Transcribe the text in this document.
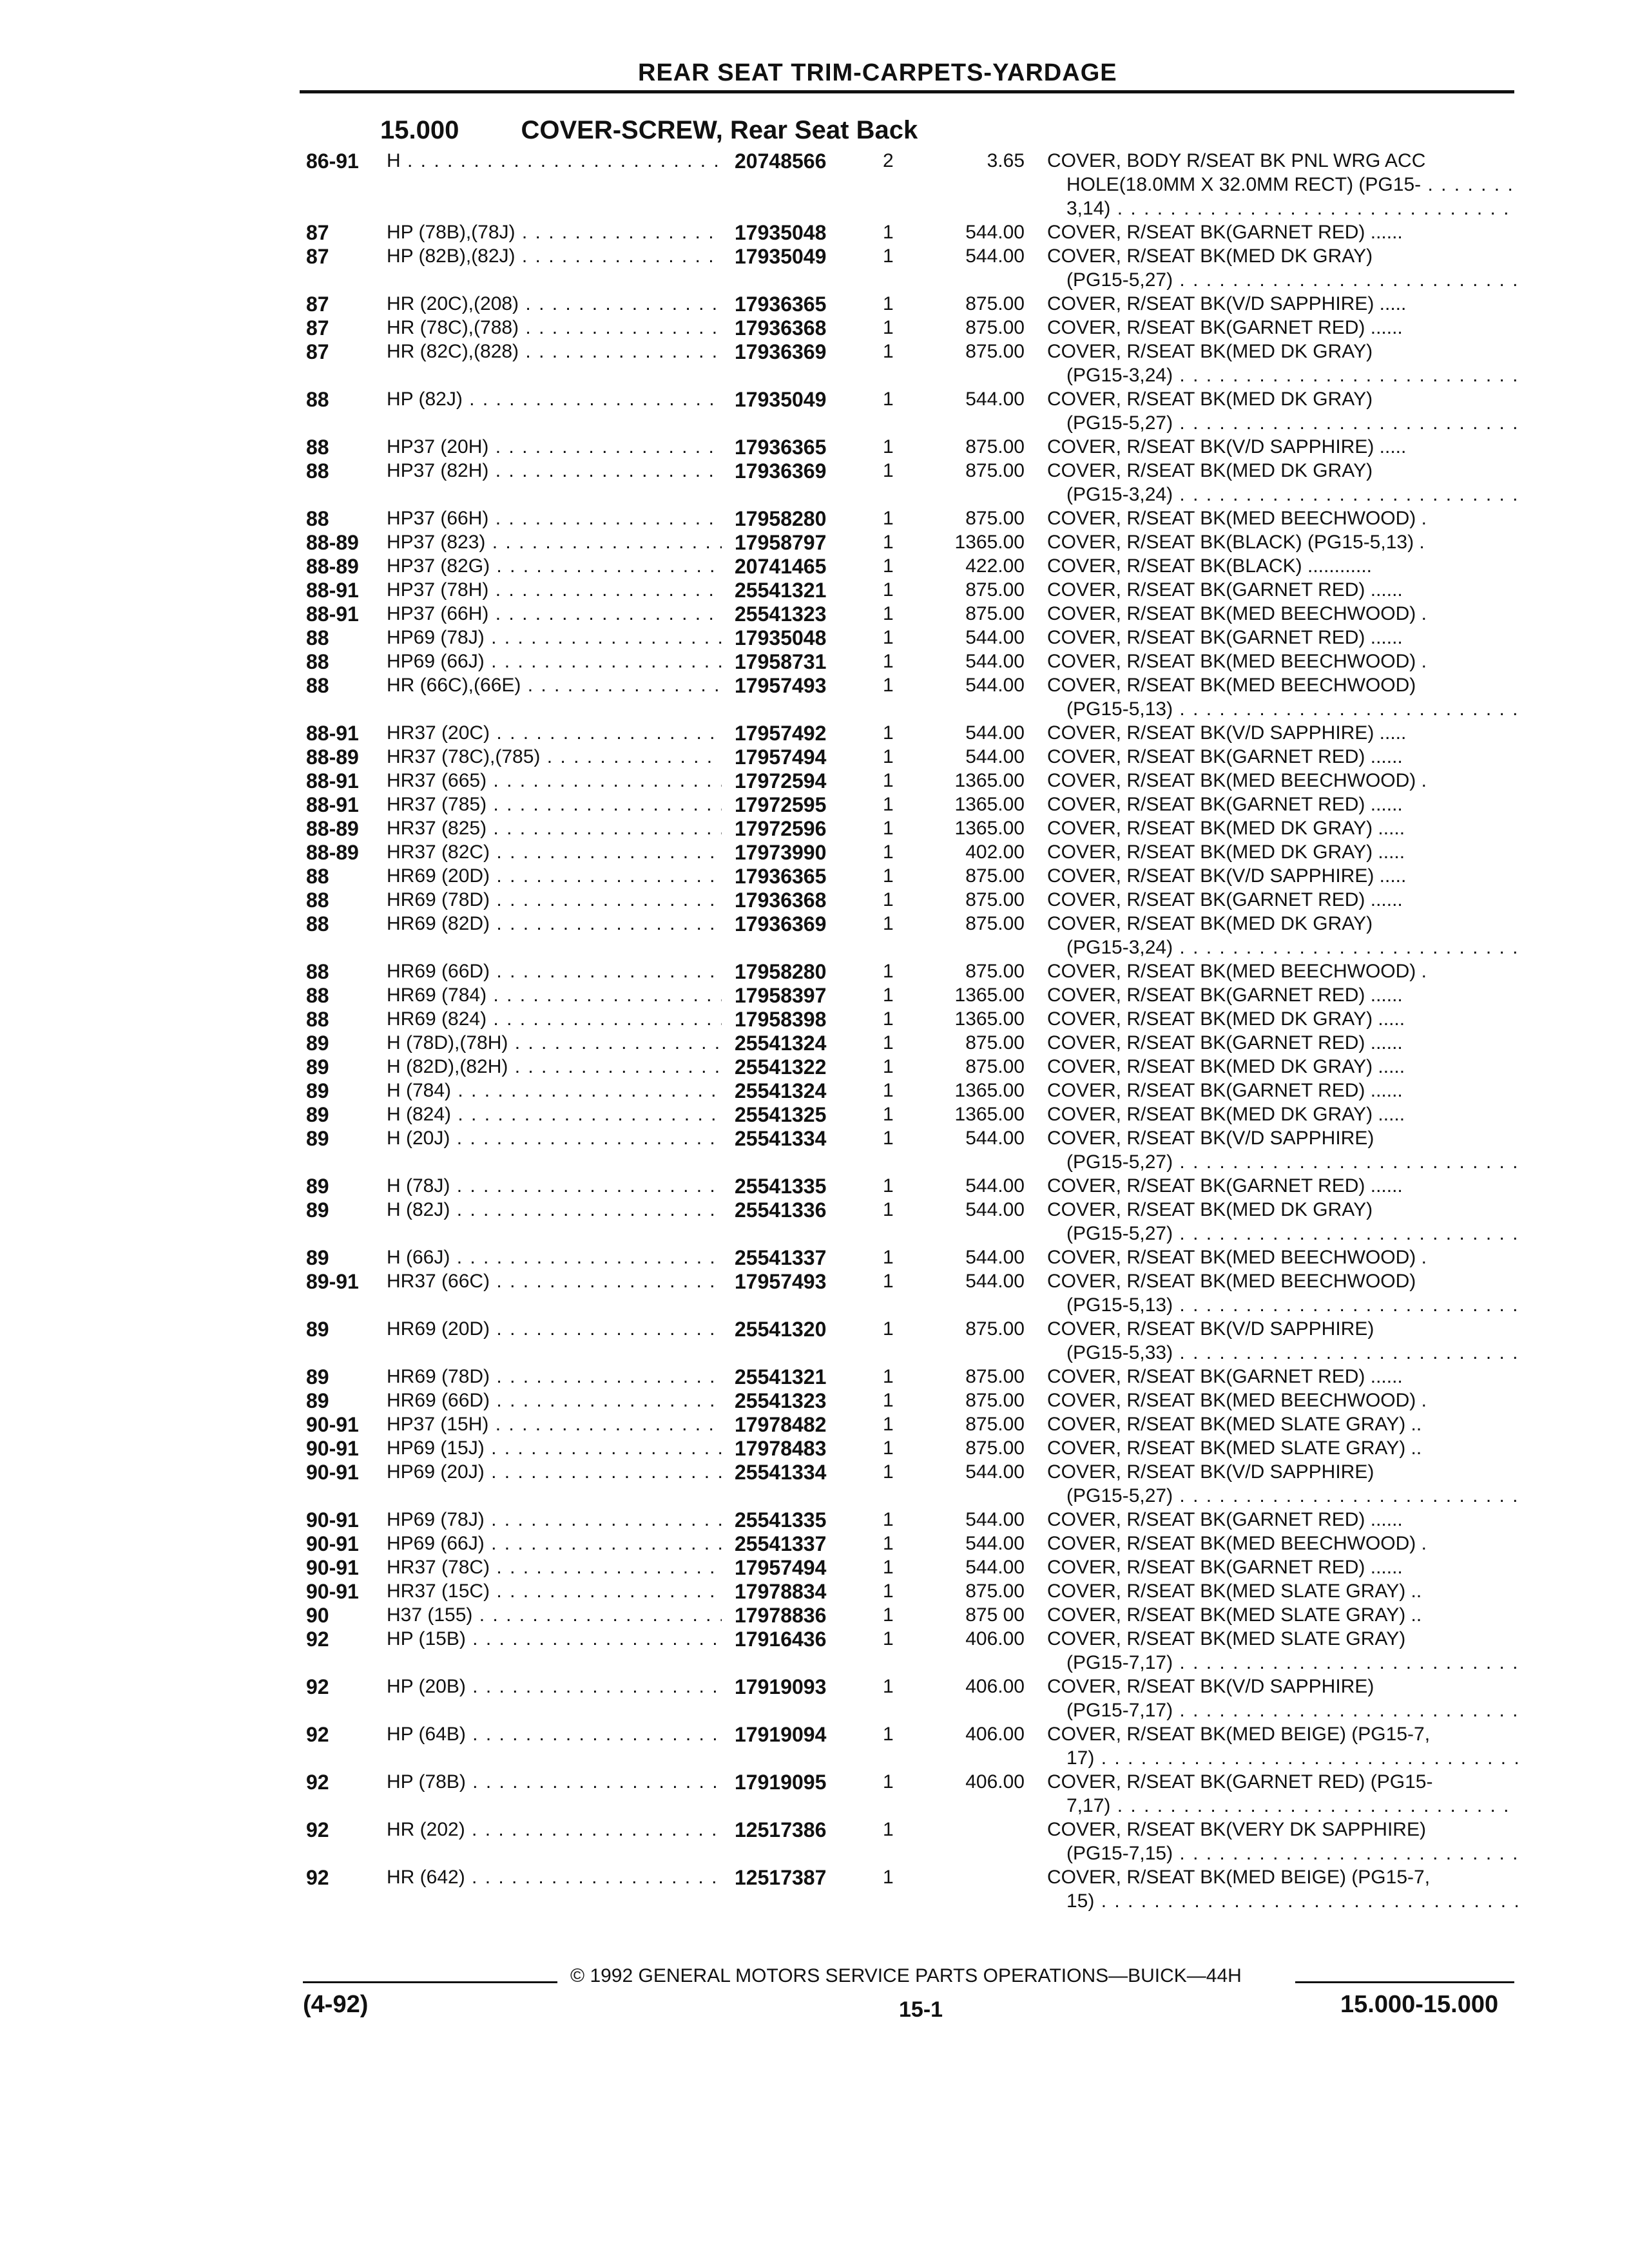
REAR SEAT TRIM-CARPETS-YARDAGE
15.000 COVER-SCREW, Rear Seat Back
86-91 H . . .	20748566	2	3.65 COVER, BODY R/SEAT BK PNL WRG ACC
HOLE(18.0MM X 32.0MM RECT) (PG15- . . .
3,14) . . .
87	HP (78B),(78J) . . .	17935048	1	544.00 COVER, R/SEAT BK(GARNET RED) ......
87	HP (82B),(82J) . . .	17935049	1	544.00 COVER, R/SEAT BK(MED DK GRAY)
(PG15-5,27) . . .
87	HR (20C),(208) . . .	17936365	1	875.00 COVER, R/SEAT BK(V/D SAPPHIRE) .....
87	HR (78C),(788) . . .	17936368	1	875.00 COVER, R/SEAT BK(GARNET RED) ......
87	HR (82C),(828) . . .	17936369	1	875.00 COVER, R/SEAT BK(MED DK GRAY)
(PG15-3,24) . . .
88	HP (82J) . . .	17935049	1	544.00 COVER, R/SEAT BK(MED DK GRAY)
(PG15-5,27) . . .
88	HP37 (20H) . . .	17936365	1	875.00 COVER, R/SEAT BK(V/D SAPPHIRE) .....
88	HP37 (82H) . . .	17936369	1	875.00 COVER, R/SEAT BK(MED DK GRAY)
(PG15-3,24) . . .
88	HP37 (66H) . . .	17958280	1	875.00 COVER, R/SEAT BK(MED BEECHWOOD) .
88-89 HP37 (823) . . .	17958797	1	1365.00 COVER, R/SEAT BK(BLACK) (PG15-5,13) .
88-89 HP37 (82G) . . .	20741465	1	422.00 COVER, R/SEAT BK(BLACK) ............
88-91 HP37 (78H) . . .	25541321	1	875.00 COVER, R/SEAT BK(GARNET RED) ......
88-91 HP37 (66H) . . .	25541323	1	875.00 COVER, R/SEAT BK(MED BEECHWOOD) .
88	HP69 (78J) . . .	17935048	1	544.00 COVER, R/SEAT BK(GARNET RED) ......
88	HP69 (66J) . . .	17958731	1	544.00 COVER, R/SEAT BK(MED BEECHWOOD) .
88	HR (66C),(66E) . . .	17957493	1	544.00 COVER, R/SEAT BK(MED BEECHWOOD)
(PG15-5,13) . . .
88-91 HR37 (20C) . . .	17957492	1	544.00 COVER, R/SEAT BK(V/D SAPPHIRE) .....
88-89 HR37 (78C),(785) . . .	17957494	1	544.00 COVER, R/SEAT BK(GARNET RED) ......
88-91 HR37 (665) . . .	17972594	1	1365.00 COVER, R/SEAT BK(MED BEECHWOOD) .
88-91 HR37 (785) . . .	17972595	1	1365.00 COVER, R/SEAT BK(GARNET RED) ......
88-89 HR37 (825) . . .	17972596	1	1365.00 COVER, R/SEAT BK(MED DK GRAY) .....
88-89 HR37 (82C) . . .	17973990	1	402.00 COVER, R/SEAT BK(MED DK GRAY) .....
88	HR69 (20D) . . .	17936365	1	875.00 COVER, R/SEAT BK(V/D SAPPHIRE) .....
88	HR69 (78D) . . .	17936368	1	875.00 COVER, R/SEAT BK(GARNET RED) ......
88	HR69 (82D) . . .	17936369	1	875.00 COVER, R/SEAT BK(MED DK GRAY)
(PG15-3,24) . . .
88	HR69 (66D) . . .	17958280	1	875.00 COVER, R/SEAT BK(MED BEECHWOOD) .
88	HR69 (784) . . .	17958397	1	1365.00 COVER, R/SEAT BK(GARNET RED) ......
88	HR69 (824) . . .	17958398	1	1365.00 COVER, R/SEAT BK(MED DK GRAY) .....
89	H (78D),(78H) . . .	25541324	1	875.00 COVER, R/SEAT BK(GARNET RED) ......
89	H (82D),(82H) . . .	25541322	1	875.00 COVER, R/SEAT BK(MED DK GRAY) .....
89	H (784) . . .	25541324	1	1365.00 COVER, R/SEAT BK(GARNET RED) ......
89	H (824) . . .	25541325	1	1365.00 COVER, R/SEAT BK(MED DK GRAY) .....
89	H (20J) . . .	25541334	1	544.00 COVER, R/SEAT BK(V/D SAPPHIRE)
(PG15-5,27) . . .
89	H (78J) . . .	25541335	1	544.00 COVER, R/SEAT BK(GARNET RED) ......
89	H (82J) . . .	25541336	1	544.00 COVER, R/SEAT BK(MED DK GRAY)
(PG15-5,27) . . .
89	H (66J) . . .	25541337	1	544.00 COVER, R/SEAT BK(MED BEECHWOOD) .
89-91 HR37 (66C) . . .	17957493	1	544.00 COVER, R/SEAT BK(MED BEECHWOOD)
(PG15-5,13) . . .
89	HR69 (20D) . . .	25541320	1	875.00 COVER, R/SEAT BK(V/D SAPPHIRE)
(PG15-5,33) . . .
89	HR69 (78D) . . .	25541321	1	875.00 COVER, R/SEAT BK(GARNET RED) ......
89	HR69 (66D) . . .	25541323	1	875.00 COVER, R/SEAT BK(MED BEECHWOOD) .
90-91 HP37 (15H) . . .	17978482	1	875.00 COVER, R/SEAT BK(MED SLATE GRAY) ..
90-91 HP69 (15J) . . .	17978483	1	875.00 COVER, R/SEAT BK(MED SLATE GRAY) ..
90-91 HP69 (20J) . . .	25541334	1	544.00 COVER, R/SEAT BK(V/D SAPPHIRE)
(PG15-5,27) . . .
90-91 HP69 (78J) . . .	25541335	1	544.00 COVER, R/SEAT BK(GARNET RED) ......
90-91 HP69 (66J) . . .	25541337	1	544.00 COVER, R/SEAT BK(MED BEECHWOOD) .
90-91 HR37 (78C) . . .	17957494	1	544.00 COVER, R/SEAT BK(GARNET RED) ......
90-91 HR37 (15C) . . .	17978834	1	875.00 COVER, R/SEAT BK(MED SLATE GRAY) ..
90	H37 (155) . . .	17978836	1	875 00 COVER, R/SEAT BK(MED SLATE GRAY) ..
92	HP (15B) . . .	17916436	1	406.00 COVER, R/SEAT BK(MED SLATE GRAY)
(PG15-7,17) . . .
92	HP (20B) . . .	17919093	1	406.00 COVER, R/SEAT BK(V/D SAPPHIRE)
(PG15-7,17) . . .
92	HP (64B) . . .	17919094	1	406.00 COVER, R/SEAT BK(MED BEIGE) (PG15-7,
17) . . .
92	HP (78B) . . .	17919095	1	406.00 COVER, R/SEAT BK(GARNET RED) (PG15-
7,17) . . .
92	HR (202) . . .	12517386	1	COVER, R/SEAT BK(VERY DK SAPPHIRE)
(PG15-7,15) . . .
92	HR (642) . . .	12517387	1	COVER, R/SEAT BK(MED BEIGE) (PG15-7,
15) . . .
© 1992 GENERAL MOTORS SERVICE PARTS OPERATIONS—BUICK—44H
(4-92)	15-1	15.000-15.000
